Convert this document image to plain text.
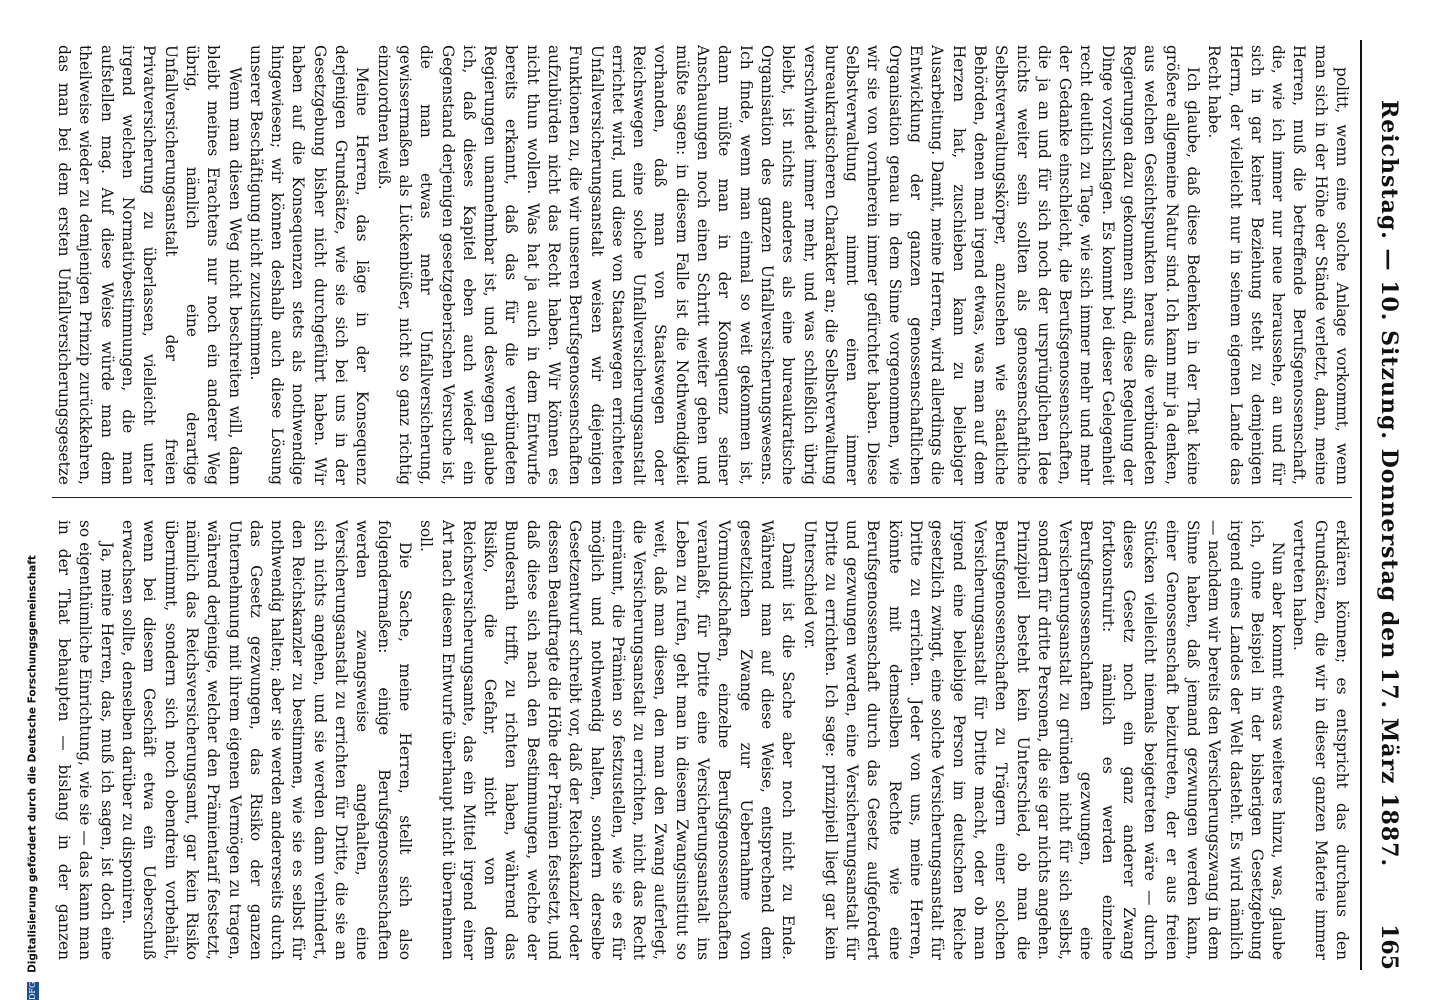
Reichstag. — 10. Sitzung. Donnerstag den 17. März 1887.
165

politt, wenn eine solche Anlage vorkommt, wenn man sich in der Höhe der Stände verletzt, dann, meine Herren, muß die betreffende Berufsgenossenschaft, die, wie ich immer nur neue heraussehe, an und für sich in gar keiner Beziehung steht zu demjenigen Herrn, der vielleicht nur in seinem eigenen Lande das Recht habe.

Ich glaube, daß diese Bedenken in der That keine größere allgemeine Natur sind. Ich kann mir ja denken, aus welchen Gesichtspunkten heraus die verbündeten Regierungen dazu gekommen sind, diese Regelung der Dinge vorzuschlagen. Es kommt bei dieser Gelegenheit recht deutlich zu Tage, wie sich immer mehr und mehr der Gedanke einschleicht, die Berufsgenossenschaften, die ja an und für sich noch der ursprünglichen Idee nichts weiter sein sollten als genossenschaftliche Selbstverwaltungskörper, anzusehen wie staatliche Behörden, denen man irgend etwas, was man auf dem Herzen hat, zuschieben kann zu beliebiger Ausarbeitung. Damit, meine Herren, wird allerdings die Entwicklung der ganzen genossenschaftlichen Organisation genau in dem Sinne vorgenommen, wie wir sie von vornherein immer gefürchtet haben. Diese Selbstverwaltung nimmt einen immer bureaukratischeren Charakter an; die Selbstverwaltung verschwindet immer mehr, und was schließlich übrig bleibt, ist nichts anderes als eine bureaukratische Organisation des ganzen Unfallversicherungswesens. Ich finde, wenn man einmal so weit gekommen ist, dann müßte man in der Konsequenz seiner Anschauungen noch einen Schritt weiter gehen und müßte sagen: in diesem Falle ist die Nothwendigkeit vorhanden, daß man von Staatswegen oder Reichswegen eine solche Unfallversicherungsanstalt errichtet wird, und diese von Staatswegen errichteten Unfallversicherungsanstalt weisen wir diejenigen Funktionen zu, die wir unseren Berufsgenossenschaften aufzubürden nicht das Recht haben. Wir können es nicht thun wollen. Was hat ja auch in dem Entwurfe bereits erkannt, daß das für die verbündeten Regierungen unannehmbar ist, und deswegen glaube ich, daß dieses Kapitel eben auch wieder ein Gegenstand derjenigen gesetzgeberischen Versuche ist, die man etwas mehr Unfallversicherung, gewissermaßen als Lückenbüßer, nicht so ganz richtig einzuordnen weiß.

Meine Herren, das läge in der Konsequenz derjenigen Grundsätze, wie sie sich bei uns in der Gesetzgebung bisher nicht durchgeführt haben. Wir haben auf die Konsequenzen stets als nothwendige hingewiesen; wir können deshalb auch diese Lösung unserer Beschäftigung nicht zuzustimmen.

Wenn man diesen Weg nicht beschreiten will, dann bleibt meines Erachtens nur noch ein anderer Weg übrig, nämlich eine derartige Unfallversicherungsanstalt der freien Privatversicherung zu überlassen, vielleicht unter irgend welchen Normativbestimmungen, die man aufstellen mag. Auf diese Weise würde man dem theilweise wieder zu demjenigen Prinzip zurückkehren, das man bei dem ersten Unfallversicherungsgesetze

erklären können; es entspricht das durchaus den Grundsätzen, die wir in dieser ganzen Materie immer vertreten haben.

Nun aber kommt etwas weiteres hinzu, was, glaube ich, ohne Beispiel in der bisherigen Gesetzgebung irgend eines Landes der Welt dasteht. Es wird nämlich — nachdem wir bereits den Versicherungszwang in dem Sinne haben, daß jemand gezwungen werden kann, einer Genossenschaft beizutreten, der er aus freien Stücken vielleicht niemals beigetreten wäre — durch dieses Gesetz noch ein ganz anderer Zwang fortkonstruirt: nämlich es werden einzelne Berufsgenossenschaften gezwungen, eine Versicherungsanstalt zu gründen nicht für sich selbst, sondern für dritte Personen, die sie gar nichts angehen. Prinzipiell besteht kein Unterschied, ob man die Berufsgenossenschaften zu Trägern einer solchen Versicherungsanstalt für Dritte macht, oder ob man irgend eine beliebige Person im deutschen Reiche gesetzlich zwingt, eine solche Versicherungsanstalt für Dritte zu errichten. Jeder von uns, meine Herren, könnte mit demselben Rechte wie eine Berufsgenossenschaft durch das Gesetz aufgefordert und gezwungen werden, eine Versicherungsanstalt für Dritte zu errichten. Ich sage: prinzipiell liegt gar kein Unterschied vor.

Damit ist die Sache aber noch nicht zu Ende. Während man auf diese Weise, entsprechend dem gesetzlichen Zwange zur Uebernahme von Vormundschaften, einzelne Berufsgenossenschaften veranlaßt, für Dritte eine Versicherungsanstalt ins Leben zu rufen, geht man in diesem Zwangsinstitut so weit, daß man diesen, den man den Zwang auferlegt, die Versicherungsanstalt zu errichten, nicht das Recht einräumt, die Prämien so festzustellen, wie sie es für möglich und nothwendig halten, sondern derselbe Gesetzentwurf schreibt vor, daß der Reichskanzler oder dessen Beauftragte die Höhe der Prämien festsetzt, und daß diese sich nach den Bestimmungen, welche der Bundesrath trifft, zu richten haben, während das Risiko, die Gefahr, nicht von dem Reichsversicherungsamte, das ein Mittel irgend einer Art nach diesem Entwurfe überhaupt nicht übernehmen soll.

Die Sache, meine Herren, stellt sich also folgendermaßen: einige Berufsgenossenschaften werden zwangsweise angehalten, eine Versicherungsanstalt zu errichten für Dritte, die sie an sich nichts angehen, und sie werden dann verhindert, den Reichskanzler zu bestimmen, wie sie es selbst für nothwendig halten; aber sie werden andererseits durch das Gesetz gezwungen, das Risiko der ganzen Unternehmung mit ihrem eigenen Vermögen zu tragen, während derjenige, welcher den Prämientarif festsetzt, nämlich das Reichsversicherungsamt, gar kein Risiko übernimmt, sondern sich noch obendrein vorbehält, wenn bei diesem Geschäft etwa ein Ueberschuß erwachsen sollte, denselben darüber zu disponiren.

Ja, meine Herren, das, muß ich sagen, ist doch eine so eigenthümliche Einrichtung, wie sie — das kann man in der That behaupten — bislang in der ganzen

DFG Digitalisierung gefördert durch die Deutsche Forschungsgemeinschaft
